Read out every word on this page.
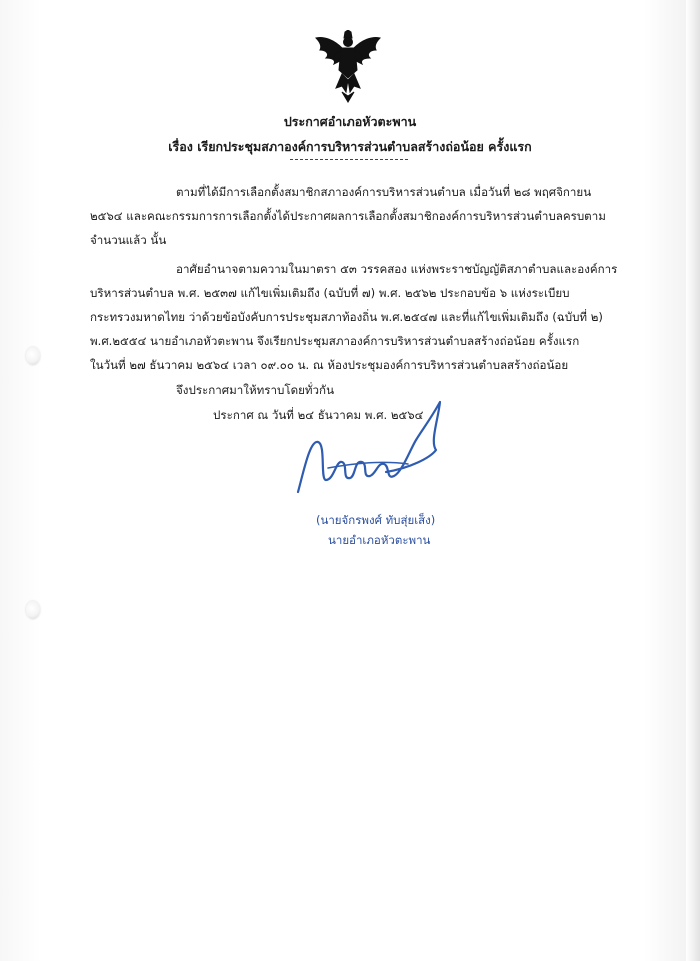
ประกาศอำเภอหัวตะพาน
เรื่อง เรียกประชุมสภาองค์การบริหารส่วนตำบลสร้างถ่อน้อย ครั้งแรก
ตามที่ได้มีการเลือกตั้งสมาชิกสภาองค์การบริหารส่วนตำบล เมื่อวันที่ ๒๘ พฤศจิกายน
๒๕๖๔ และคณะกรรมการการเลือกตั้งได้ประกาศผลการเลือกตั้งสมาชิกองค์การบริหารส่วนตำบลครบตาม
จำนวนแล้ว นั้น
อาศัยอำนาจตามความในมาตรา ๕๓ วรรคสอง แห่งพระราชบัญญัติสภาตำบลและองค์การ
บริหารส่วนตำบล พ.ศ. ๒๕๓๗ แก้ไขเพิ่มเติมถึง (ฉบับที่ ๗) พ.ศ. ๒๕๖๒ ประกอบข้อ ๖ แห่งระเบียบ
กระทรวงมหาดไทย ว่าด้วยข้อบังคับการประชุมสภาท้องถิ่น พ.ศ.๒๕๔๗ และที่แก้ไขเพิ่มเติมถึง (ฉบับที่ ๒)
พ.ศ.๒๕๕๔ นายอำเภอหัวตะพาน จึงเรียกประชุมสภาองค์การบริหารส่วนตำบลสร้างถ่อน้อย ครั้งแรก
ในวันที่ ๒๗ ธันวาคม ๒๕๖๔ เวลา ๐๙.๐๐ น. ณ ห้องประชุมองค์การบริหารส่วนตำบลสร้างถ่อน้อย
จึงประกาศมาให้ทราบโดยทั่วกัน
ประกาศ ณ วันที่ ๒๔ ธันวาคม พ.ศ. ๒๕๖๔
(นายจักรพงศ์ ทับสุ่ยเส็ง)
นายอำเภอหัวตะพาน
